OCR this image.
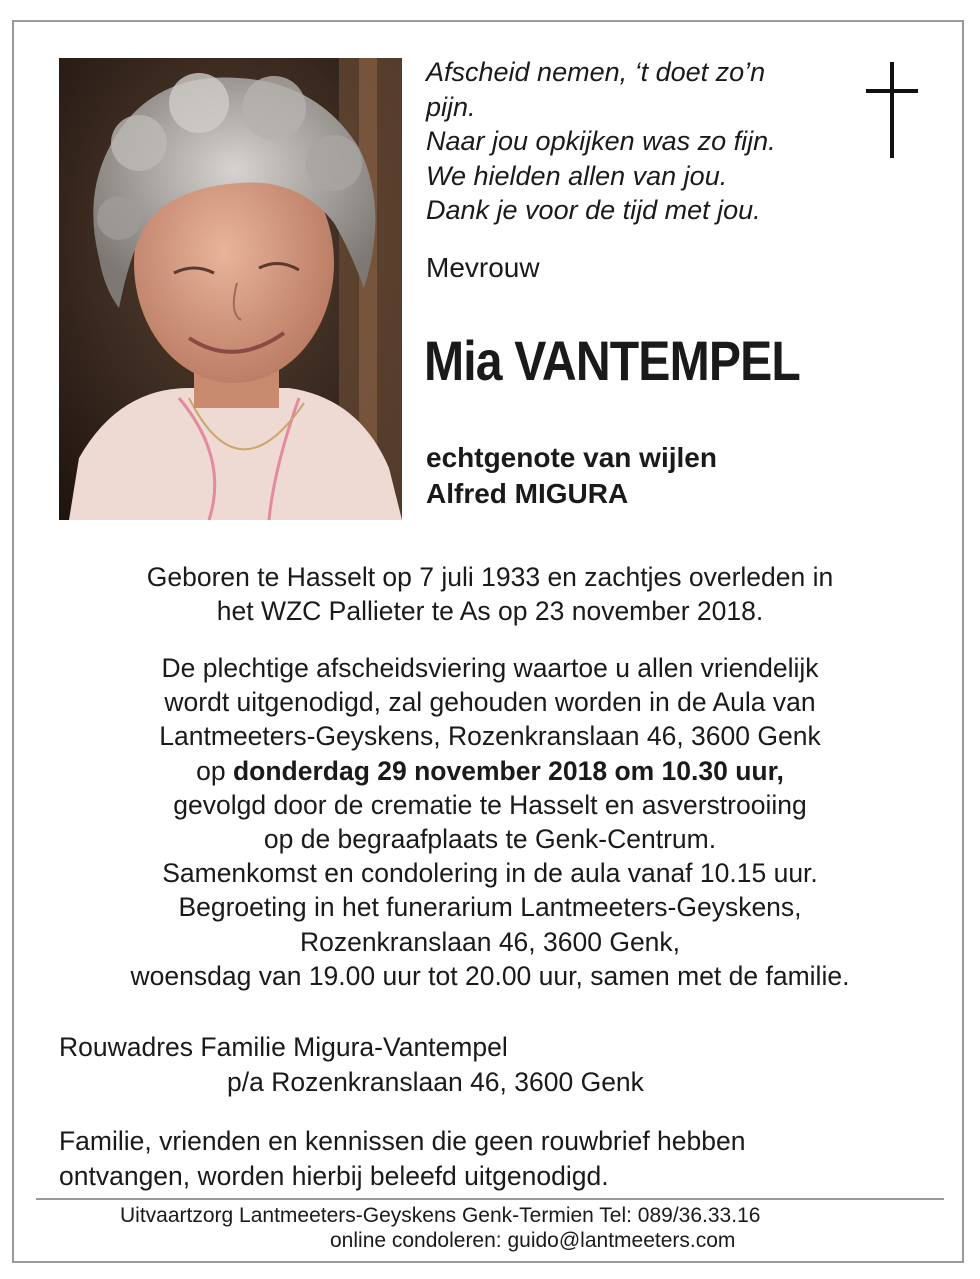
Afscheid nemen, ‘t doet zo’n
pijn.
Naar jou opkijken was zo fijn.
We hielden allen van jou.
Dank je voor de tijd met jou.
Mevrouw
Mia VANTEMPEL
echtgenote van wijlen
Alfred MIGURA
Geboren te Hasselt op 7 juli 1933 en zachtjes overleden in
het WZC Pallieter te As op 23 november 2018.
De plechtige afscheidsviering waartoe u allen vriendelijk
wordt uitgenodigd, zal gehouden worden in de Aula van
Lantmeeters-Geyskens, Rozenkranslaan 46, 3600 Genk
op donderdag 29 november 2018 om 10.30 uur,
gevolgd door de crematie te Hasselt en asverstrooiing
op de begraafplaats te Genk-Centrum.
Samenkomst en condolering in de aula vanaf 10.15 uur.
Begroeting in het funerarium Lantmeeters-Geyskens,
Rozenkranslaan 46, 3600 Genk,
woensdag van 19.00 uur tot 20.00 uur, samen met de familie.
Rouwadres Familie Migura-Vantempel
p/a Rozenkranslaan 46, 3600 Genk
Familie, vrienden en kennissen die geen rouwbrief hebben
ontvangen, worden hierbij beleefd uitgenodigd.
Uitvaartzorg Lantmeeters-Geyskens Genk-Termien Tel: 089/36.33.16
online condoleren: guido@lantmeeters.com
